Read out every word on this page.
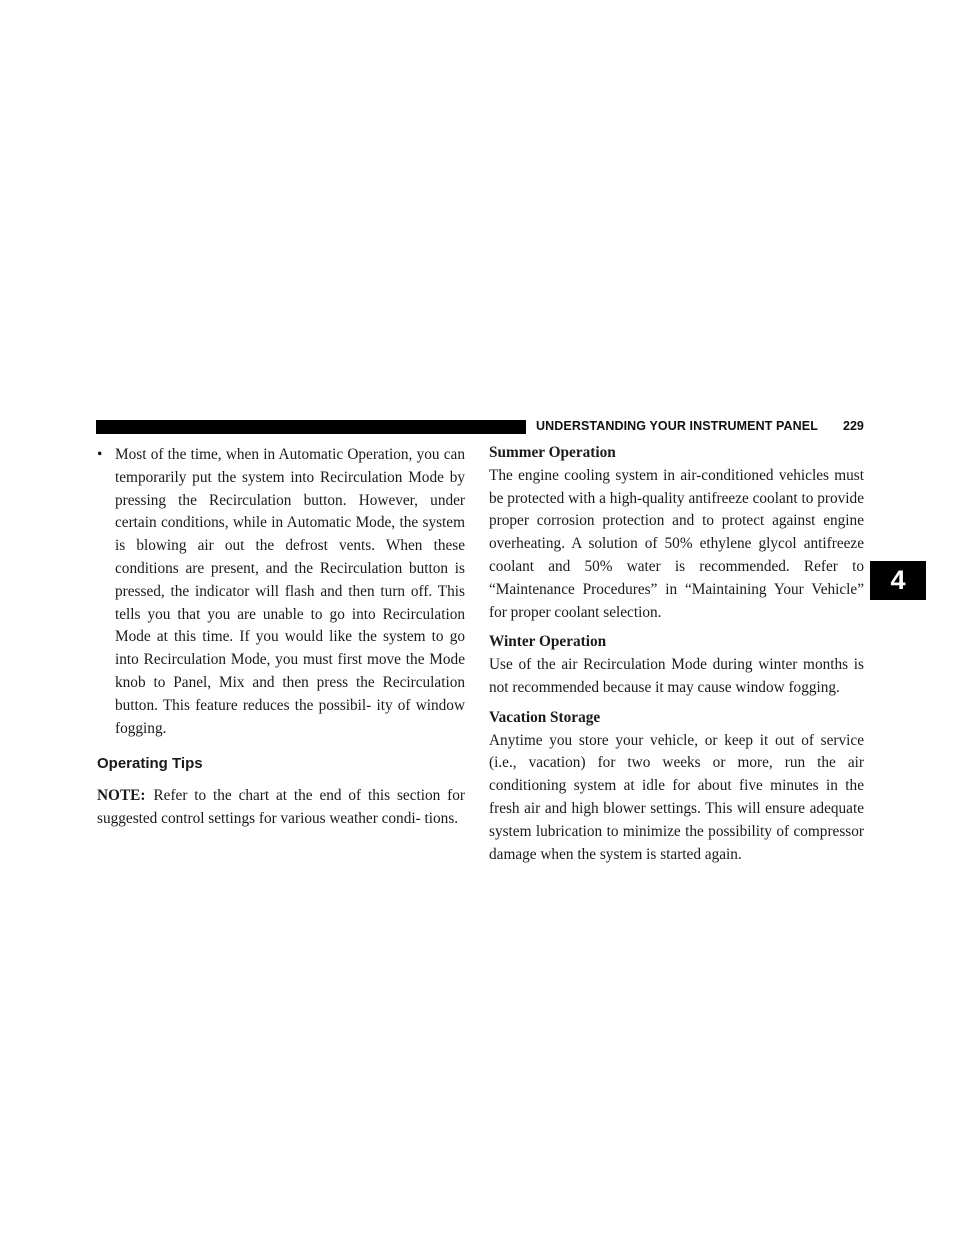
UNDERSTANDING YOUR INSTRUMENT PANEL 229
4

• Most of the time, when in Automatic Operation, you can temporarily put the system into Recirculation Mode by pressing the Recirculation button. However, under certain conditions, while in Automatic Mode, the system is blowing air out the defrost vents. When these conditions are present, and the Recirculation button is pressed, the indicator will flash and then turn off. This tells you that you are unable to go into Recirculation Mode at this time. If you would like the system to go into Recirculation Mode, you must first move the Mode knob to Panel, Mix and then press the Recirculation button. This feature reduces the possibil- ity of window fogging.

Operating Tips

NOTE: Refer to the chart at the end of this section for suggested control settings for various weather condi- tions.

Summer Operation

The engine cooling system in air-conditioned vehicles must be protected with a high-quality antifreeze coolant to provide proper corrosion protection and to protect against engine overheating. A solution of 50% ethylene glycol antifreeze coolant and 50% water is recommended. Refer to “Maintenance Procedures” in “Maintaining Your Vehicle” for proper coolant selection.

Winter Operation

Use of the air Recirculation Mode during winter months is not recommended because it may cause window fogging.

Vacation Storage

Anytime you store your vehicle, or keep it out of service (i.e., vacation) for two weeks or more, run the air conditioning system at idle for about five minutes in the fresh air and high blower settings. This will ensure adequate system lubrication to minimize the possibility of compressor damage when the system is started again.
